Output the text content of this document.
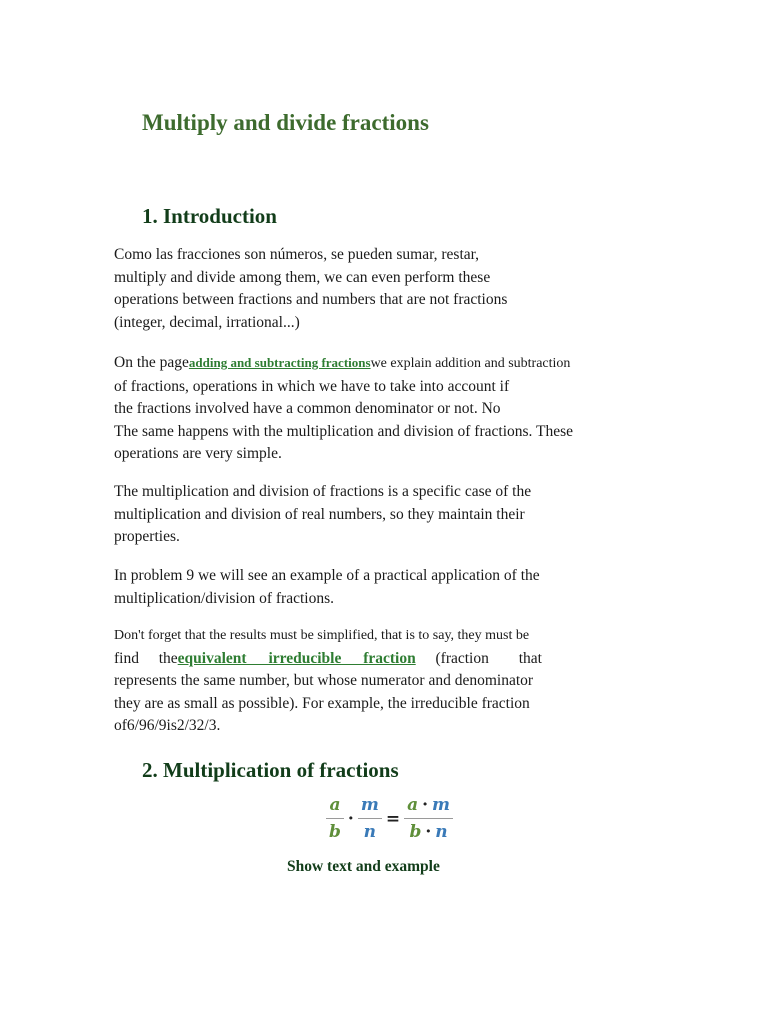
Multiply and divide fractions
1. Introduction
Como las fracciones son números, se pueden sumar, restar,
multiply and divide among them, we can even perform these
operations between fractions and numbers that are not fractions
(integer, decimal, irrational...)
On the pageadding and subtracting fractionswe explain addition and subtraction
of fractions, operations in which we have to take into account if
the fractions involved have a common denominator or not. No
The same happens with the multiplication and division of fractions. These
operations are very simple.
The multiplication and division of fractions is a specific case of the
multiplication and division of real numbers, so they maintain their
properties.
In problem 9 we will see an example of a practical application of the
multiplication/division of fractions.
Don't forget that the results must be simplified, that is to say, they must be
find theequivalent irreducible fraction (fraction that
represents the same number, but whose numerator and denominator
they are as small as possible). For example, the irreducible fraction
of6/96/9is2/32/3.
2. Multiplication of fractions
$\frac{a}{b} \cdot \frac{m}{n} = \frac{a \cdot m}{b \cdot n}$
Show text and example
